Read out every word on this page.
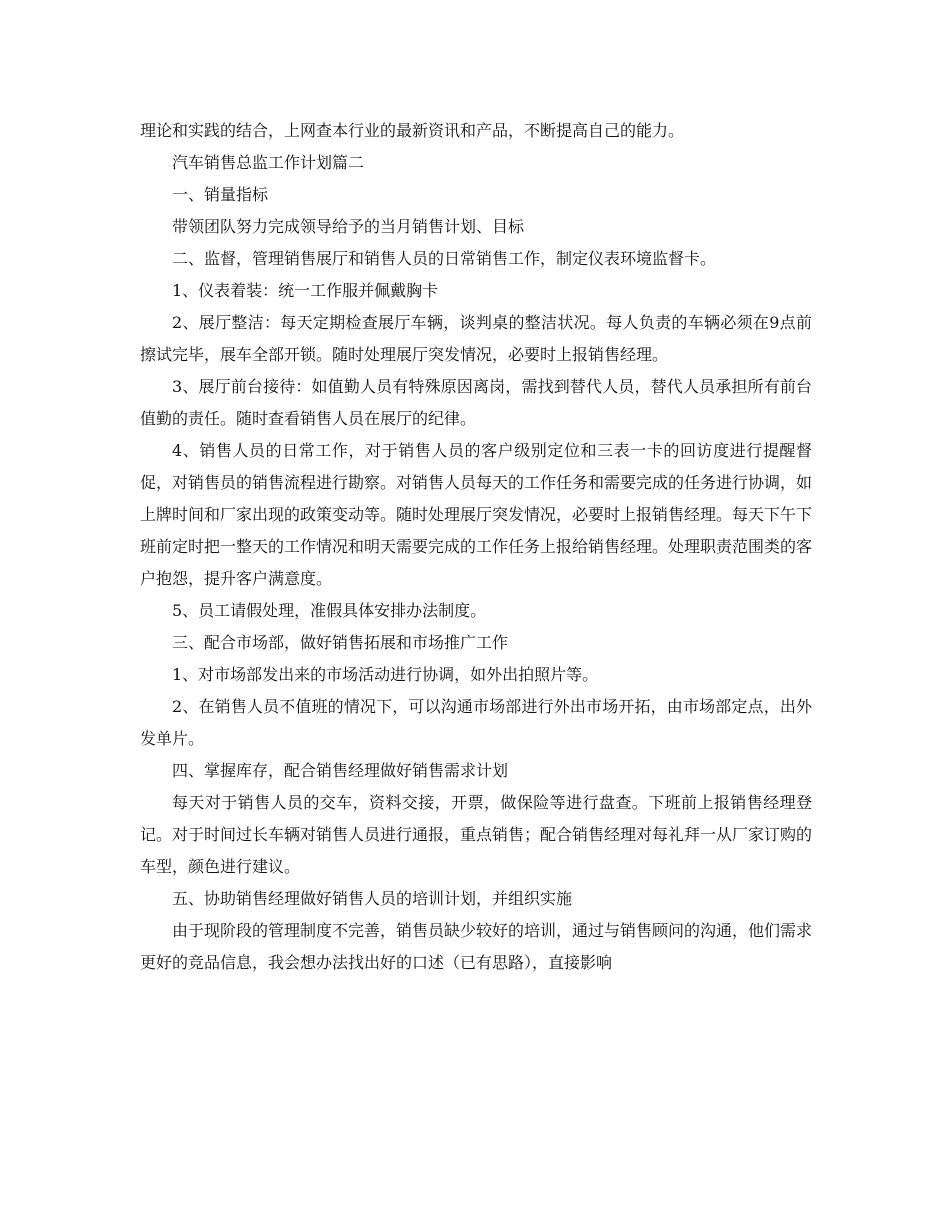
理论和实践的结合，上网查本行业的最新资讯和产品，不断提高自己的能力。

汽车销售总监工作计划篇二

一、销量指标

带领团队努力完成领导给予的当月销售计划、目标

二、监督，管理销售展厅和销售人员的日常销售工作，制定仪表环境监督卡。

1、仪表着装：统一工作服并佩戴胸卡

2、展厅整洁：每天定期检查展厅车辆，谈判桌的整洁状况。每人负责的车辆必须在9点前擦试完毕，展车全部开锁。随时处理展厅突发情况，必要时上报销售经理。

3、展厅前台接待：如值勤人员有特殊原因离岗，需找到替代人员，替代人员承担所有前台值勤的责任。随时查看销售人员在展厅的纪律。

4、销售人员的日常工作，对于销售人员的客户级别定位和三表一卡的回访度进行提醒督促，对销售员的销售流程进行勘察。对销售人员每天的工作任务和需要完成的任务进行协调，如上牌时间和厂家出现的政策变动等。随时处理展厅突发情况，必要时上报销售经理。每天下午下班前定时把一整天的工作情况和明天需要完成的工作任务上报给销售经理。处理职责范围类的客户抱怨，提升客户满意度。

5、员工请假处理，准假具体安排办法制度。

三、配合市场部，做好销售拓展和市场推广工作

1、对市场部发出来的市场活动进行协调，如外出拍照片等。

2、在销售人员不值班的情况下，可以沟通市场部进行外出市场开拓，由市场部定点，出外发单片。

四、掌握库存，配合销售经理做好销售需求计划

每天对于销售人员的交车，资料交接，开票，做保险等进行盘查。下班前上报销售经理登记。对于时间过长车辆对销售人员进行通报，重点销售；配合销售经理对每礼拜一从厂家订购的车型，颜色进行建议。

五、协助销售经理做好销售人员的培训计划，并组织实施

由于现阶段的管理制度不完善，销售员缺少较好的培训，通过与销售顾问的沟通，他们需求更好的竞品信息，我会想办法找出好的口述（已有思路），直接影响
